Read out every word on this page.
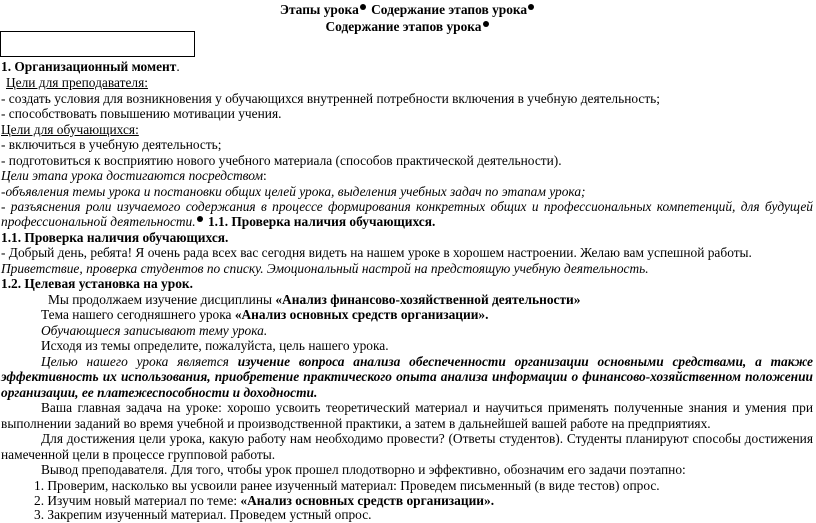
Этапы урока Содержание этапов урока
Содержание этапов урока
1. Организационный момент.
Цели для преподавателя:
- создать условия для возникновения у обучающихся внутренней потребности включения в учебную деятельность;
- способствовать повышению мотивации учения.
Цели для обучающихся:
- включиться в учебную деятельность;
- подготовиться к восприятию нового учебного материала (способов практической деятельности).
Цели этапа урока достигаются посредством:
-объявления темы урока и постановки общих целей урока, выделения учебных задач по этапам урока;
- разъяснения роли изучаемого содержания в процессе формирования конкретных общих и профессиональных компетенций, для будущей
профессиональной деятельности. 1.1. Проверка наличия обучающихся.
1.1. Проверка наличия обучающихся.
- Добрый день, ребята! Я очень рада всех вас сегодня видеть на нашем уроке в хорошем настроении. Желаю вам успешной работы.
Приветствие, проверка студентов по списку. Эмоциональный настрой на предстоящую учебную деятельность.
1.2. Целевая установка на урок.
Мы продолжаем изучение дисциплины «Анализ финансово-хозяйственной деятельности»
Тема нашего сегодняшнего урока «Анализ основных средств организации».
Обучающиеся записывают тему урока.
Исходя из темы определите, пожалуйста, цель нашего урока.
Целью нашего урока является изучение вопроса анализа обеспеченности организации основными средствами, а также
эффективность их использования, приобретение практического опыта анализа информации о финансово-хозяйственном положении
организации, ее платежеспособности и доходности.
Ваша главная задача на уроке: хорошо усвоить теоретический материал и научиться применять полученные знания и умения при
выполнении заданий во время учебной и производственной практики, а затем в дальнейшей вашей работе на предприятиях.
Для достижения цели урока, какую работу нам необходимо провести? (Ответы студентов). Студенты планируют способы достижения
намеченной цели в процессе групповой работы.
Вывод преподавателя. Для того, чтобы урок прошел плодотворно и эффективно, обозначим его задачи поэтапно:
1. Проверим, насколько вы усвоили ранее изученный материал: Проведем письменный (в виде тестов) опрос.
2. Изучим новый материал по теме: «Анализ основных средств организации».
3. Закрепим изученный материал. Проведем устный опрос.
